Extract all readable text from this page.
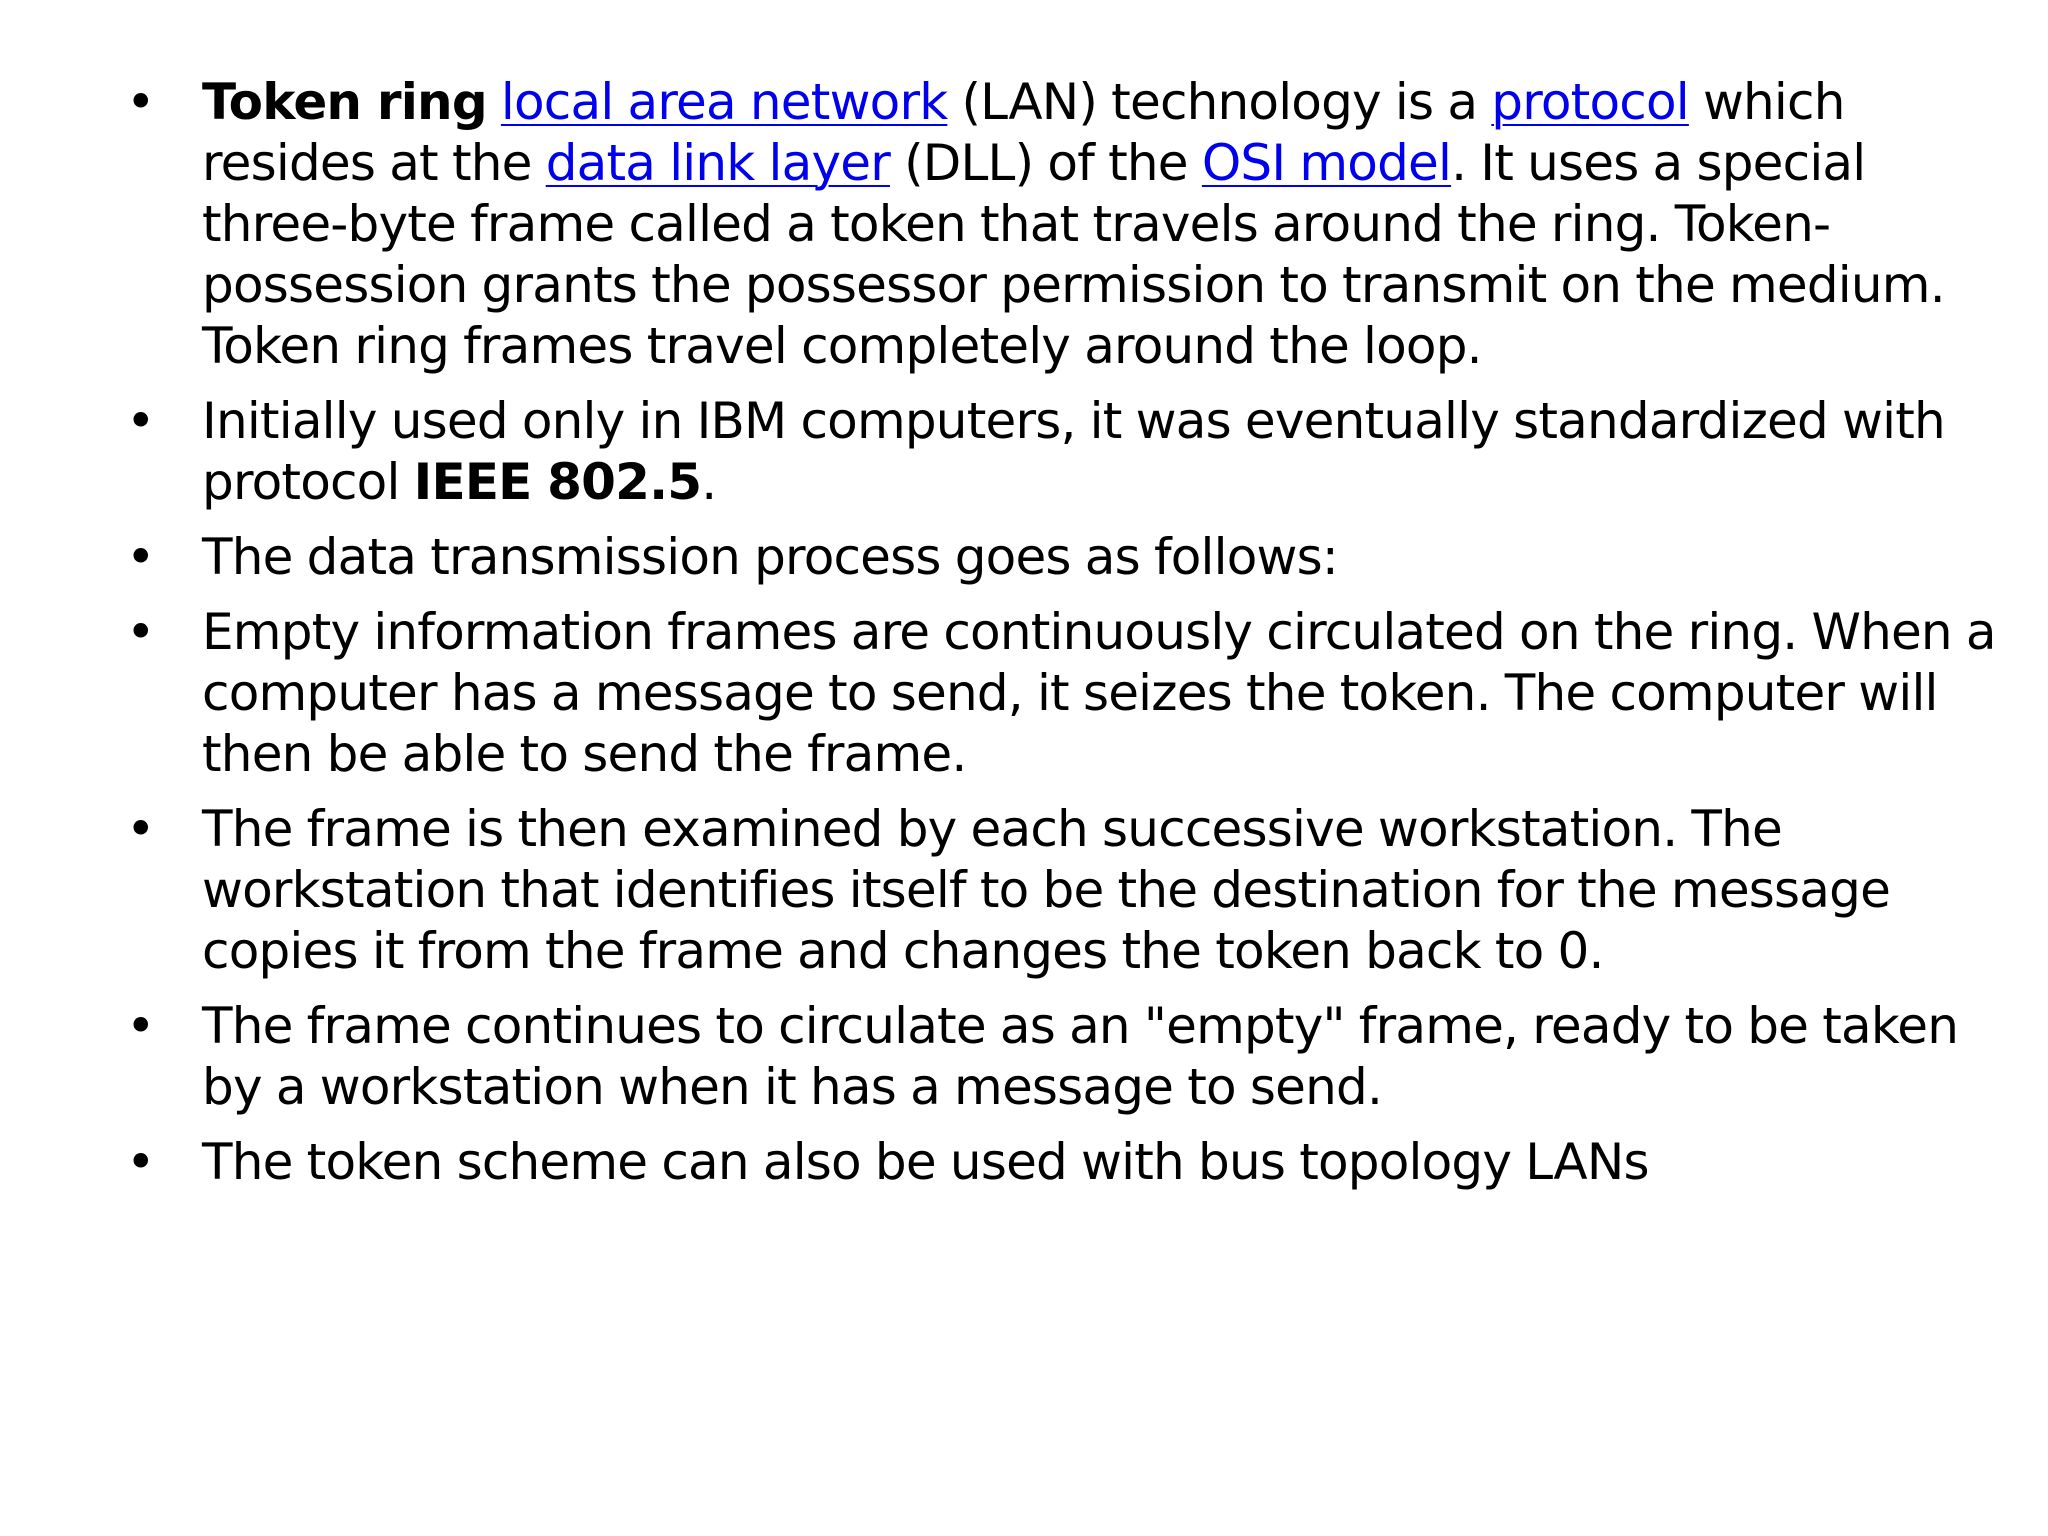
• Token ring local area network (LAN) technology is a protocol which resides at the data link layer (DLL) of the OSI model. It uses a special three-byte frame called a token that travels around the ring. Token-possession grants the possessor permission to transmit on the medium. Token ring frames travel completely around the loop.
• Initially used only in IBM computers, it was eventually standardized with protocol IEEE 802.5.
• The data transmission process goes as follows:
• Empty information frames are continuously circulated on the ring. When a computer has a message to send, it seizes the token. The computer will then be able to send the frame.
• The frame is then examined by each successive workstation. The workstation that identifies itself to be the destination for the message copies it from the frame and changes the token back to 0.
• The frame continues to circulate as an "empty" frame, ready to be taken by a workstation when it has a message to send.
• The token scheme can also be used with bus topology LANs
